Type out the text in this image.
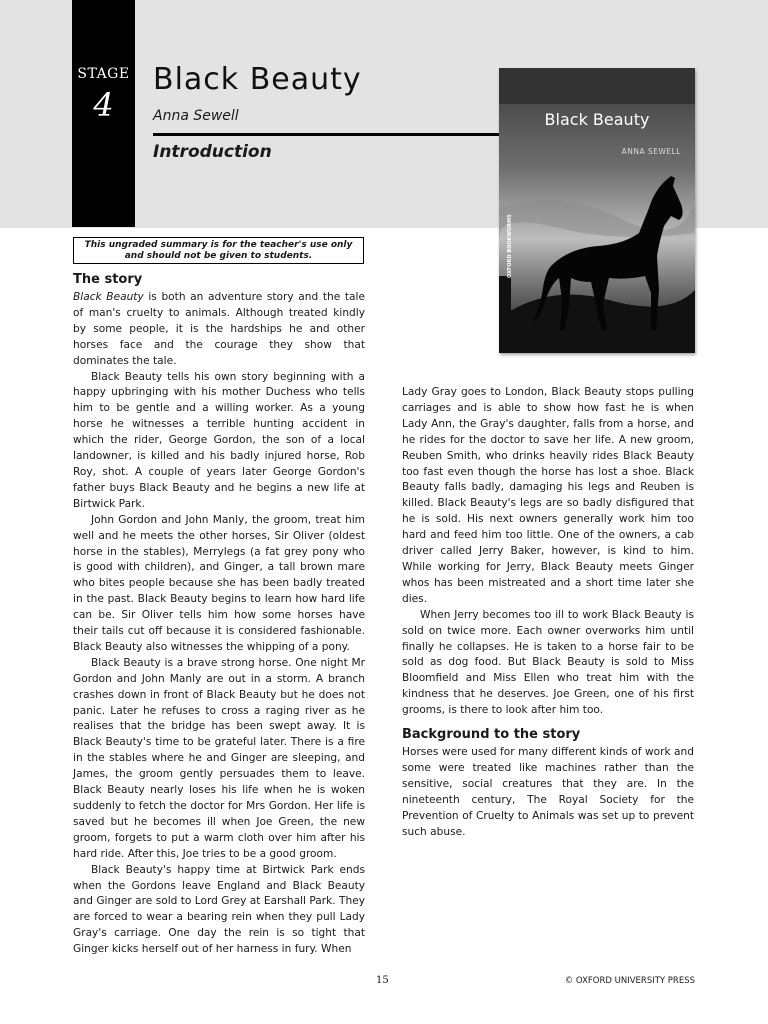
STAGE
4
Black Beauty
Anna Sewell
Introduction
Black Beauty
ANNA SEWELL
OXFORD BOOKWORMS
This ungraded summary is for the teacher's use only
and should not be given to students.
The story

Black Beauty is both an adventure story and the tale of man's cruelty to animals. Although treated kindly by some people, it is the hardships he and other horses face and the courage they show that dominates the tale.

Black Beauty tells his own story beginning with a happy upbringing with his mother Duchess who tells him to be gentle and a willing worker. As a young horse he witnesses a terrible hunting accident in which the rider, George Gordon, the son of a local landowner, is killed and his badly injured horse, Rob Roy, shot. A couple of years later George Gordon's father buys Black Beauty and he begins a new life at Birtwick Park.

John Gordon and John Manly, the groom, treat him well and he meets the other horses, Sir Oliver (oldest horse in the stables), Merrylegs (a fat grey pony who is good with children), and Ginger, a tall brown mare who bites people because she has been badly treated in the past. Black Beauty begins to learn how hard life can be. Sir Oliver tells him how some horses have their tails cut off because it is considered fashionable. Black Beauty also witnesses the whipping of a pony.

Black Beauty is a brave strong horse. One night Mr Gordon and John Manly are out in a storm. A branch crashes down in front of Black Beauty but he does not panic. Later he refuses to cross a raging river as he realises that the bridge has been swept away. It is Black Beauty's time to be grateful later. There is a fire in the stables where he and Ginger are sleeping, and James, the groom gently persuades them to leave. Black Beauty nearly loses his life when he is woken suddenly to fetch the doctor for Mrs Gordon. Her life is saved but he becomes ill when Joe Green, the new groom, forgets to put a warm cloth over him after his hard ride. After this, Joe tries to be a good groom.

Black Beauty's happy time at Birtwick Park ends when the Gordons leave England and Black Beauty and Ginger are sold to Lord Grey at Earshall Park. They are forced to wear a bearing rein when they pull Lady Gray's carriage. One day the rein is so tight that Ginger kicks herself out of her harness in fury. When

Lady Gray goes to London, Black Beauty stops pulling carriages and is able to show how fast he is when Lady Ann, the Gray's daughter, falls from a horse, and he rides for the doctor to save her life. A new groom, Reuben Smith, who drinks heavily rides Black Beauty too fast even though the horse has lost a shoe. Black Beauty falls badly, damaging his legs and Reuben is killed. Black Beauty's legs are so badly disfigured that he is sold. His next owners generally work him too hard and feed him too little. One of the owners, a cab driver called Jerry Baker, however, is kind to him. While working for Jerry, Black Beauty meets Ginger whos has been mistreated and a short time later she dies.

When Jerry becomes too ill to work Black Beauty is sold on twice more. Each owner overworks him until finally he collapses. He is taken to a horse fair to be sold as dog food. But Black Beauty is sold to Miss Bloomfield and Miss Ellen who treat him with the kindness that he deserves. Joe Green, one of his first grooms, is there to look after him too.

Background to the story

Horses were used for many different kinds of work and some were treated like machines rather than the sensitive, social creatures that they are. In the nineteenth century, The Royal Society for the Prevention of Cruelty to Animals was set up to prevent such abuse.

15	© OXFORD UNIVERSITY PRESS
